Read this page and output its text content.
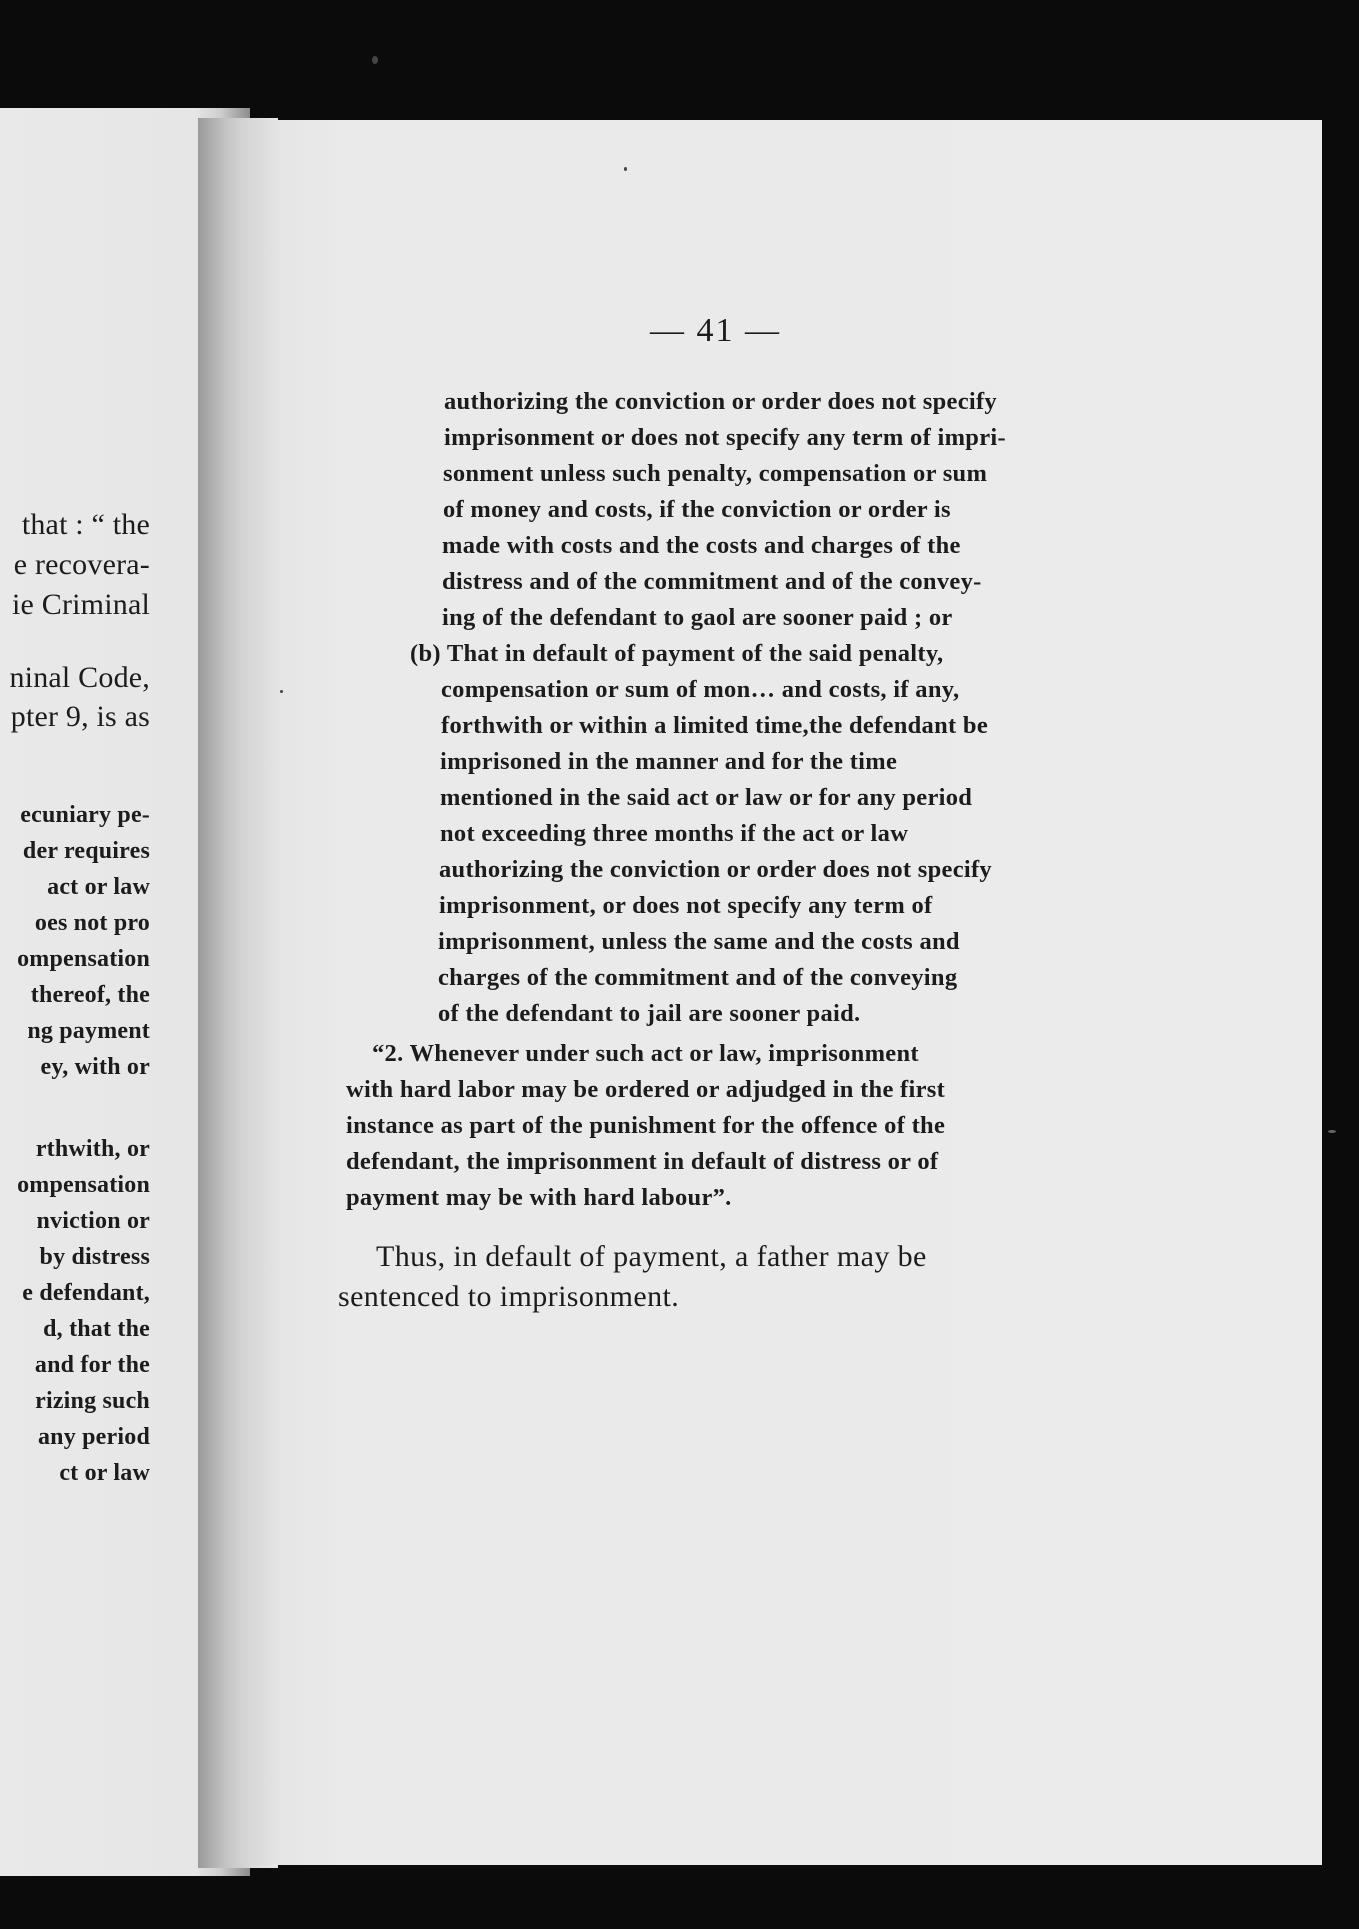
that : “ the
e recovera-
ie Criminal
ninal Code,
pter 9, is as
ecuniary pe-
der requires
act or law
oes not pro
ompensation
thereof, the
ng payment
ey, with or
rthwith, or
ompensation
nviction or
by distress
e defendant,
d, that the
and for the
rizing such
any period
ct or law
— 41 —
authorizing the conviction or order does not specify
imprisonment or does not specify any term of impri-
sonment unless such penalty, compensation or sum
of money and costs, if the conviction or order is
made with costs and the costs and charges of the
distress and of the commitment and of the convey-
ing of the defendant to gaol are sooner paid ; or
(b) That in default of payment of the said penalty,
compensation or sum of mon… and costs, if any,
forthwith or within a limited time,the defendant be
imprisoned in the manner and for the time
mentioned in the said act or law or for any period
not exceeding three months if the act or law
authorizing the conviction or order does not specify
imprisonment, or does not specify any term of
imprisonment, unless the same and the costs and
charges of the commitment and of the conveying
of the defendant to jail are sooner paid.
“2. Whenever under such act or law, imprisonment
with hard labor may be ordered or adjudged in the first
instance as part of the punishment for the offence of the
defendant, the imprisonment in default of distress or of
payment may be with hard labour”.
Thus, in default of payment, a father may be
sentenced to imprisonment.
